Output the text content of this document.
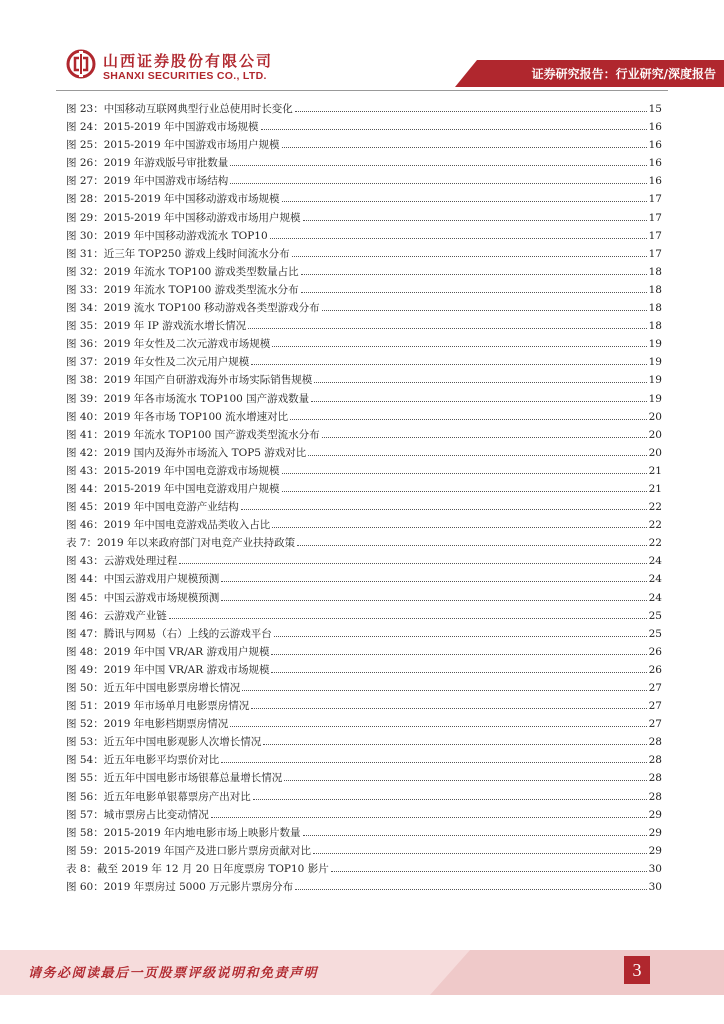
山西证券股份有限公司
SHANXI SECURITIES CO., LTD.	证券研究报告：行业研究/深度报告
图 23：中国移动互联网典型行业总使用时长变化	15
图 24：2015-2019 年中国游戏市场规模	16
图 25：2015-2019 年中国游戏市场用户规模	16
图 26：2019 年游戏版号审批数量	16
图 27：2019 年中国游戏市场结构	16
图 28：2015-2019 年中国移动游戏市场规模	17
图 29：2015-2019 年中国移动游戏市场用户规模	17
图 30：2019 年中国移动游戏流水 TOP10	17
图 31：近三年 TOP250 游戏上线时间流水分布	17
图 32：2019 年流水 TOP100 游戏类型数量占比	18
图 33：2019 年流水 TOP100 游戏类型流水分布	18
图 34：2019 流水 TOP100 移动游戏各类型游戏分布	18
图 35：2019 年 IP 游戏流水增长情况	18
图 36：2019 年女性及二次元游戏市场规模	19
图 37：2019 年女性及二次元用户规模	19
图 38：2019 年国产自研游戏海外市场实际销售规模	19
图 39：2019 年各市场流水 TOP100 国产游戏数量	19
图 40：2019 年各市场 TOP100 流水增速对比	20
图 41：2019 年流水 TOP100 国产游戏类型流水分布	20
图 42：2019 国内及海外市场流入 TOP5 游戏对比	20
图 43：2015-2019 年中国电竞游戏市场规模	21
图 44：2015-2019 年中国电竞游戏用户规模	21
图 45：2019 年中国电竞游产业结构	22
图 46：2019 年中国电竞游戏品类收入占比	22
表 7：2019 年以来政府部门对电竞产业扶持政策	22
图 43：云游戏处理过程	24
图 44：中国云游戏用户规模预测	24
图 45：中国云游戏市场规模预测	24
图 46：云游戏产业链	25
图 47：腾讯与网易（右）上线的云游戏平台	25
图 48：2019 年中国 VR/AR 游戏用户规模	26
图 49：2019 年中国 VR/AR 游戏市场规模	26
图 50：近五年中国电影票房增长情况	27
图 51：2019 年市场单月电影票房情况	27
图 52：2019 年电影档期票房情况	27
图 53：近五年中国电影观影人次增长情况	28
图 54：近五年电影平均票价对比	28
图 55：近五年中国电影市场银幕总量增长情况	28
图 56：近五年电影单银幕票房产出对比	28
图 57：城市票房占比变动情况	29
图 58：2015-2019 年内地电影市场上映影片数量	29
图 59：2015-2019 年国产及进口影片票房贡献对比	29
表 8：截至 2019 年 12 月 20 日年度票房 TOP10 影片	30
图 60：2019 年票房过 5000 万元影片票房分布	30
请务必阅读最后一页股票评级说明和免责声明	3
